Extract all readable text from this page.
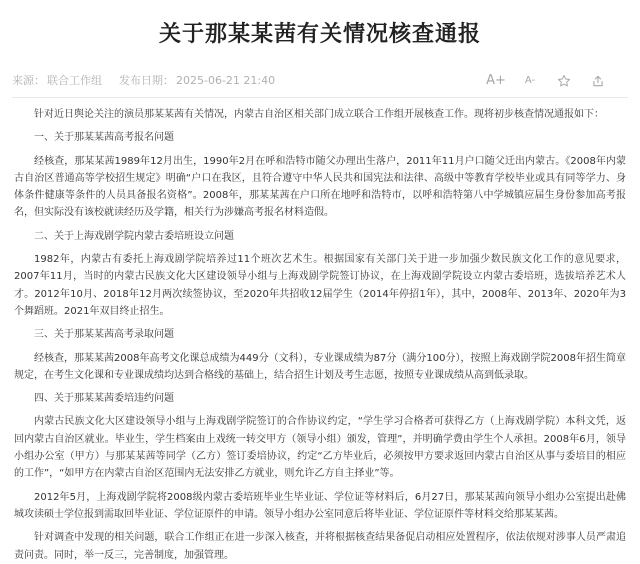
关于那某某茜有关情况核查通报
来源： 联合工作组 发布日期： 2025-06-21 21:40	A+ A-

针对近日舆论关注的演员那某某茜有关情况，内蒙古自治区相关部门成立联合工作组开展核查工作。现将初步核查情况通报如下：

一、关于那某某茜高考报名问题

经核查，那某某茜1989年12月出生，1990年2月在呼和浩特市随父办理出生落户，2011年11月户口随父迁出内蒙古。《2008年内蒙古自治区普通高等学校招生规定》明确“户口在我区，且符合遵守中华人民共和国宪法和法律、高级中等教育学校毕业或具有同等学力、身体条件健康等条件的人员具备报名资格”。2008年，那某某茜在户口所在地呼和浩特市，以呼和浩特第八中学城镇应届生身份参加高考报名，但实际没有该校就读经历及学籍，相关行为涉嫌高考报名材料造假。

二、关于上海戏剧学院内蒙古委培班设立问题

1982年，内蒙古有委托上海戏剧学院培养过11个班次艺术生。根据国家有关部门关于进一步加强少数民族文化工作的意见要求，2007年11月，当时的内蒙古民族文化大区建设领导小组与上海戏剧学院签订协议，在上海戏剧学院设立内蒙古委培班，选拔培养艺术人才。2012年10月、2018年12月两次续签协议，至2020年共招收12届学生（2014年停招1年），其中，2008年、2013年、2020年为3个舞蹈班。2021年双目终止招生。

三、关于那某某茜高考录取问题

经核查，那某某茜2008年高考文化课总成绩为449分（文科），专业课成绩为87分（满分100分），按照上海戏剧学院2008年招生简章规定，在考生文化课和专业课成绩均达到合格线的基础上，结合招生计划及考生志愿，按照专业课成绩从高到低录取。

四、关于那某某茜委培违约问题

内蒙古民族文化大区建设领导小组与上海戏剧学院签订的合作协议约定，“学生学习合格者可获得乙方（上海戏剧学院）本科文凭，返回内蒙古自治区就业。毕业生，学生档案由上戏统一转交甲方（领导小组）颁发，管理”，并明确学费由学生个人承担。2008年6月，领导小组办公室（甲方）与那某某茜等同学（乙方）签订委培协议，约定“乙方毕业后，必须按甲方要求返回内蒙古自治区从事与委培目的相应的工作”，“如甲方在内蒙古自治区范围内无法安排乙方就业，则允许乙方自主择业”等。

2012年5月，上海戏剧学院将2008级内蒙古委培班毕业生毕业证、学位证等材料后，6月27日，那某某茜向领导小组办公室提出赴佛城攻读硕士学位报到需取回毕业证、学位证原件的申请。领导小组办公室同意后将毕业证、学位证原件等材料交给那某某茜。

针对调查中发现的相关问题，联合工作组正在进一步深入核查，并将根据核查结果备促启动相应处置程序，依法依规对涉事人员严肃追责问责。同时，举一反三，完善制度，加强管理。
